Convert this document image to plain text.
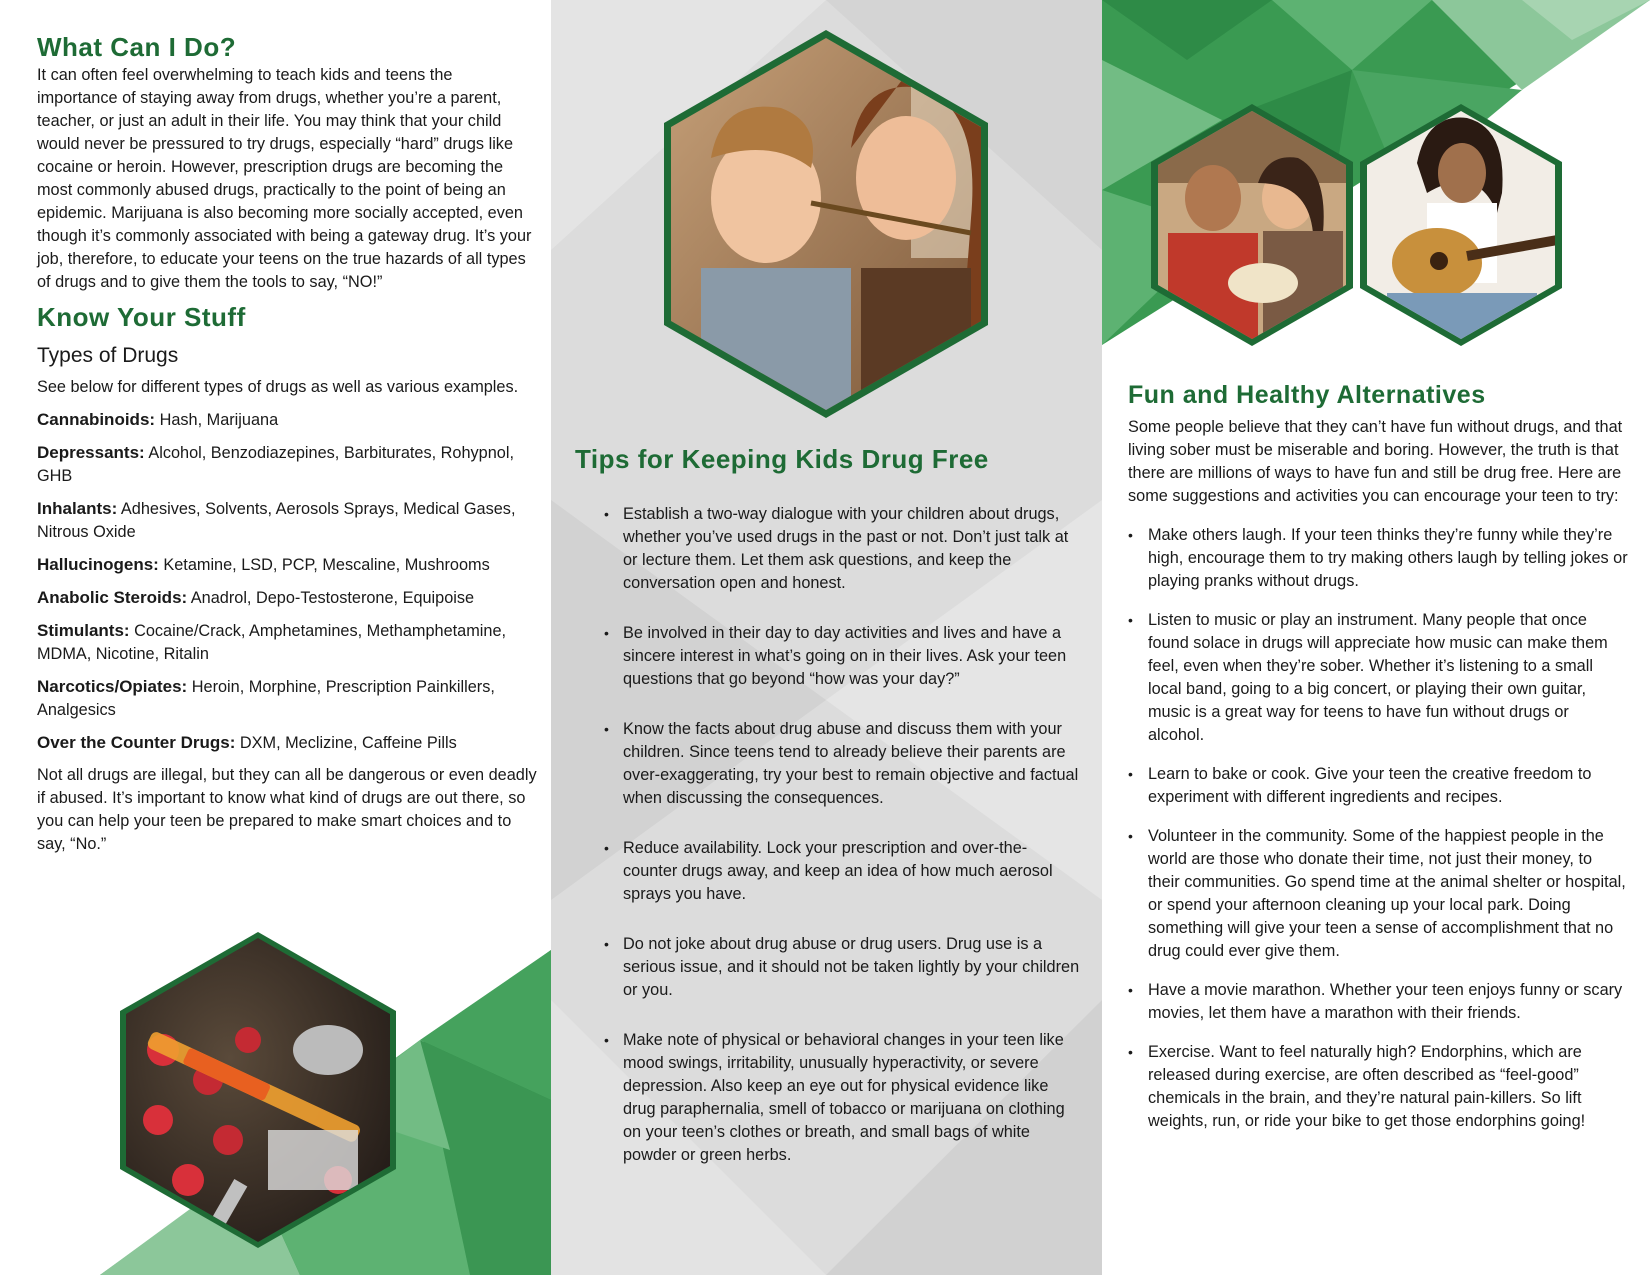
What Can I Do?

It can often feel overwhelming to teach kids and teens the importance of staying away from drugs, whether you’re a parent, teacher, or just an adult in their life. You may think that your child would never be pressured to try drugs, especially “hard” drugs like cocaine or heroin. However, prescription drugs are becoming the most commonly abused drugs, practically to the point of being an epidemic. Marijuana is also becoming more socially accepted, even though it’s commonly associated with being a gateway drug. It’s your job, therefore, to educate your teens on the true hazards of all types of drugs and to give them the tools to say, “NO!”

Know Your Stuff
Types of Drugs

See below for different types of drugs as well as various examples.

Cannabinoids: Hash, Marijuana

Depressants: Alcohol, Benzodiazepines, Barbiturates, Rohypnol, GHB

Inhalants: Adhesives, Solvents, Aerosols Sprays, Medical Gases, Nitrous Oxide

Hallucinogens: Ketamine, LSD, PCP, Mescaline, Mushrooms

Anabolic Steroids: Anadrol, Depo-Testosterone, Equipoise

Stimulants: Cocaine/Crack, Amphetamines, Methamphetamine, MDMA, Nicotine, Ritalin

Narcotics/Opiates: Heroin, Morphine, Prescription Painkillers, Analgesics

Over the Counter Drugs: DXM, Meclizine, Caffeine Pills

Not all drugs are illegal, but they can all be dangerous or even deadly if abused. It’s important to know what kind of drugs are out there, so you can help your teen be prepared to make smart choices and to say, “No.”

Tips for Keeping Kids Drug Free
• Establish a two-way dialogue with your children about drugs, whether you’ve used drugs in the past or not. Don’t just talk at or lecture them. Let them ask questions, and keep the conversation open and honest.
• Be involved in their day to day activities and lives and have a sincere interest in what’s going on in their lives. Ask your teen questions that go beyond “how was your day?”
• Know the facts about drug abuse and discuss them with your children. Since teens tend to already believe their parents are over-exaggerating, try your best to remain objective and factual when discussing the consequences.
• Reduce availability. Lock your prescription and over-the-counter drugs away, and keep an idea of how much aerosol sprays you have.
• Do not joke about drug abuse or drug users. Drug use is a serious issue, and it should not be taken lightly by your children or you.
• Make note of physical or behavioral changes in your teen like mood swings, irritability, unusually hyperactivity, or severe depression. Also keep an eye out for physical evidence like drug paraphernalia, smell of tobacco or marijuana on clothing on your teen’s clothes or breath, and small bags of white powder or green herbs.
Fun and Healthy Alternatives

Some people believe that they can’t have fun without drugs, and that living sober must be miserable and boring. However, the truth is that there are millions of ways to have fun and still be drug free. Here are some suggestions and activities you can encourage your teen to try:

• Make others laugh. If your teen thinks they’re funny while they’re high, encourage them to try making others laugh by telling jokes or playing pranks without drugs.
• Listen to music or play an instrument. Many people that once found solace in drugs will appreciate how music can make them feel, even when they’re sober. Whether it’s listening to a small local band, going to a big concert, or playing their own guitar, music is a great way for teens to have fun without drugs or alcohol.
• Learn to bake or cook. Give your teen the creative freedom to experiment with different ingredients and recipes.
• Volunteer in the community. Some of the happiest people in the world are those who donate their time, not just their money, to their communities. Go spend time at the animal shelter or hospital, or spend your afternoon cleaning up your local park. Doing something will give your teen a sense of accomplishment that no drug could ever give them.
• Have a movie marathon. Whether your teen enjoys funny or scary movies, let them have a marathon with their friends.
• Exercise. Want to feel naturally high? Endorphins, which are released during exercise, are often described as “feel-good” chemicals in the brain, and they’re natural pain-killers. So lift weights, run, or ride your bike to get those endorphins going!
